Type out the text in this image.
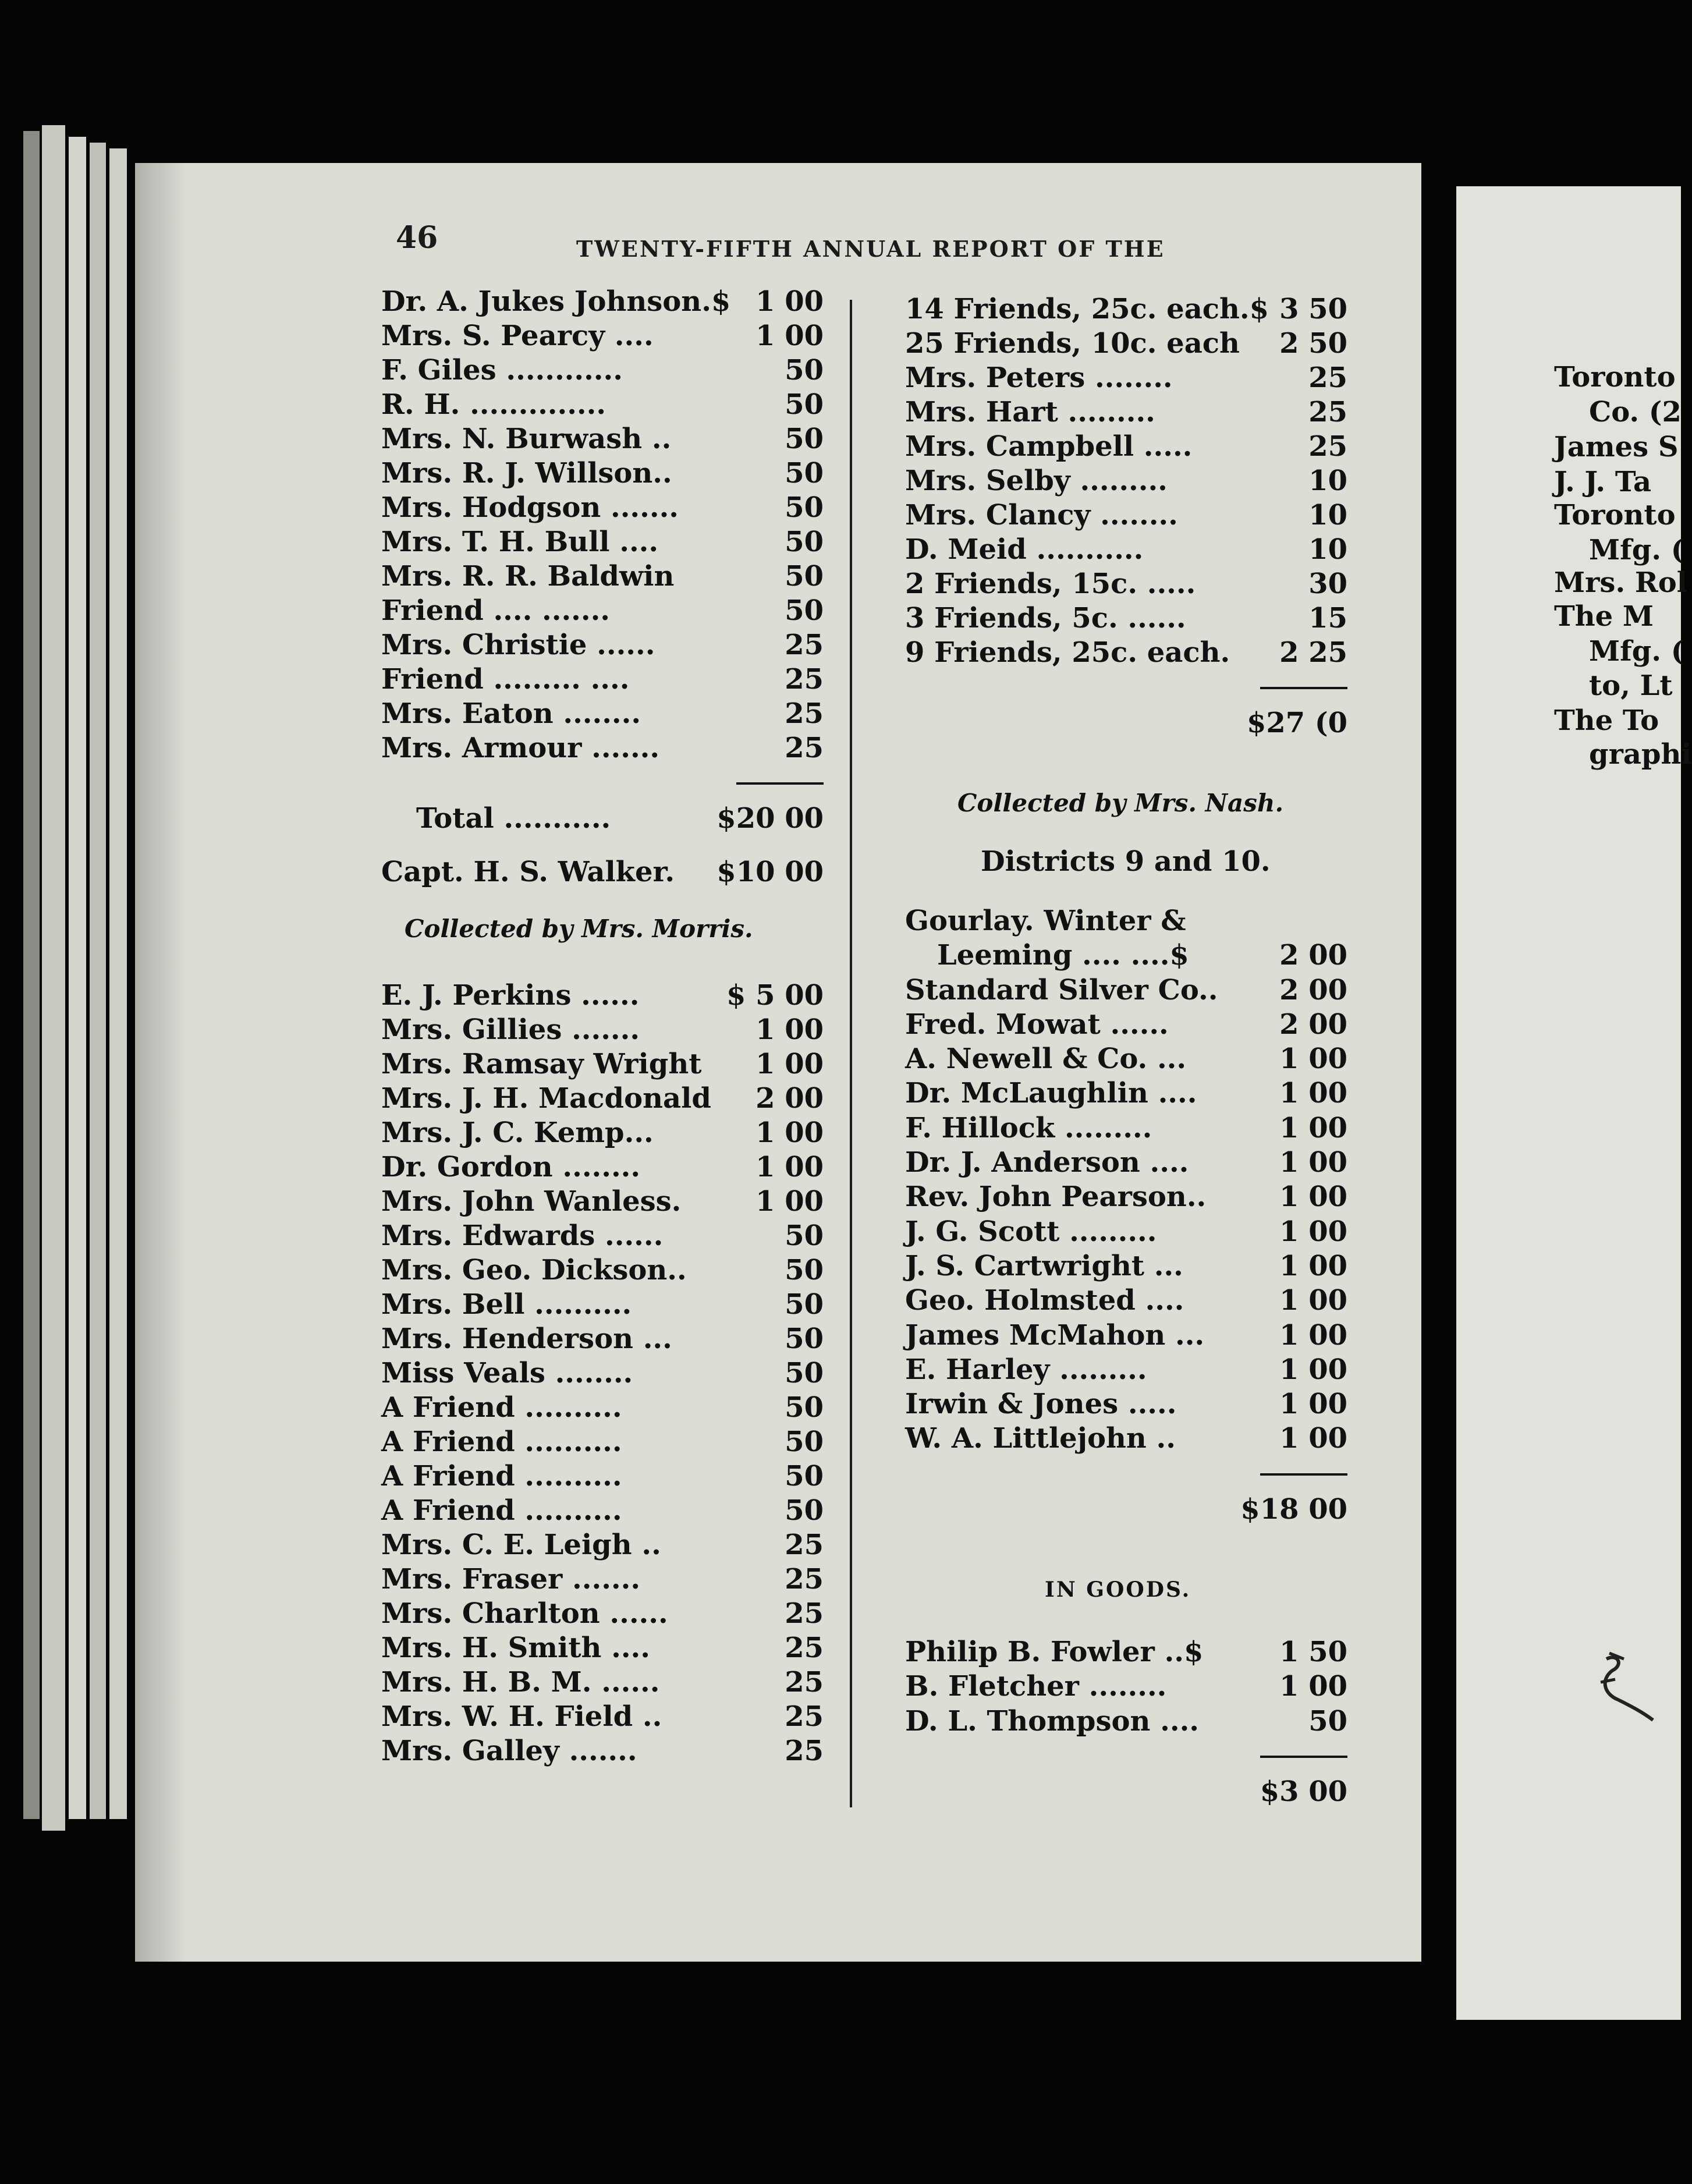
46	TWENTY-FIFTH ANNUAL REPORT OF THE
Dr. A. Jukes Johnson.$ 1 00
Mrs. S. Pearcy ....	1 00
F. Giles ............	50
R. H. ..............	50
Mrs. N. Burwash ..	50
Mrs. R. J. Willson..	50
Mrs. Hodgson .......	50
Mrs. T. H. Bull ....	50
Mrs. R. R. Baldwin	50
Friend .... .......	50
Mrs. Christie ......	25
Friend ......... ....	25
Mrs. Eaton ........	25
Mrs. Armour .......	25
Total ...........	$20 00
Capt. H. S. Walker. $10 00
Collected by Mrs. Morris.
E. J. Perkins ......	$ 5 00
Mrs. Gillies .......	1 00
Mrs. Ramsay Wright 1 00
Mrs. J. H. Macdonald 2 00
Mrs. J. C. Kemp...	1 00
Dr. Gordon ........	1 00
Mrs. John Wanless.	1 00
Mrs. Edwards ......	50
Mrs. Geo. Dickson..	50
Mrs. Bell ..........	50
Mrs. Henderson ...	50
Miss Veals ........	50
A Friend ..........	50
A Friend ..........	50
A Friend ..........	50
A Friend ..........	50
Mrs. C. E. Leigh ..	25
Mrs. Fraser .......	25
Mrs. Charlton ......	25
Mrs. H. Smith ....	25
Mrs. H. B. M. ......	25
Mrs. W. H. Field ..	25
Mrs. Galley .......	25
14 Friends, 25c. each.$ 3 50
25 Friends, 10c. each 2 50
Mrs. Peters ........	25
Mrs. Hart .........	25
Mrs. Campbell .....	25
Mrs. Selby .........	10
Mrs. Clancy ........	10
D. Meid ...........	10
2 Friends, 15c. .....	30
3 Friends, 5c. ......	15
9 Friends, 25c. each. 2 25
$27 (0
Collected by Mrs. Nash.
Districts 9 and 10.
Gourlay. Winter &
Leeming .... ....$	2 00
Standard Silver Co.. 2 00
Fred. Mowat ......	2 00
A. Newell & Co. ...	1 00
Dr. McLaughlin ....	1 00
F. Hillock .........	1 00
Dr. J. Anderson ....	1 00
Rev. John Pearson..	1 00
J. G. Scott .........	1 00
J. S. Cartwright ...	1 00
Geo. Holmsted ....	1 00
James McMahon ...	1 00
E. Harley .........	1 00
Irwin & Jones .....	1 00
W. A. Littlejohn ..	1 00
$18 00
IN GOODS.
Philip B. Fowler ..$	1 50
B. Fletcher ........	1 00
D. L. Thompson ....	50
$3 00
Toronto
Co. (2
James S
J. J. Ta
Toronto
Mfg. (
Mrs. Rol
The M
Mfg. (
to, Lt
The To
graphi
